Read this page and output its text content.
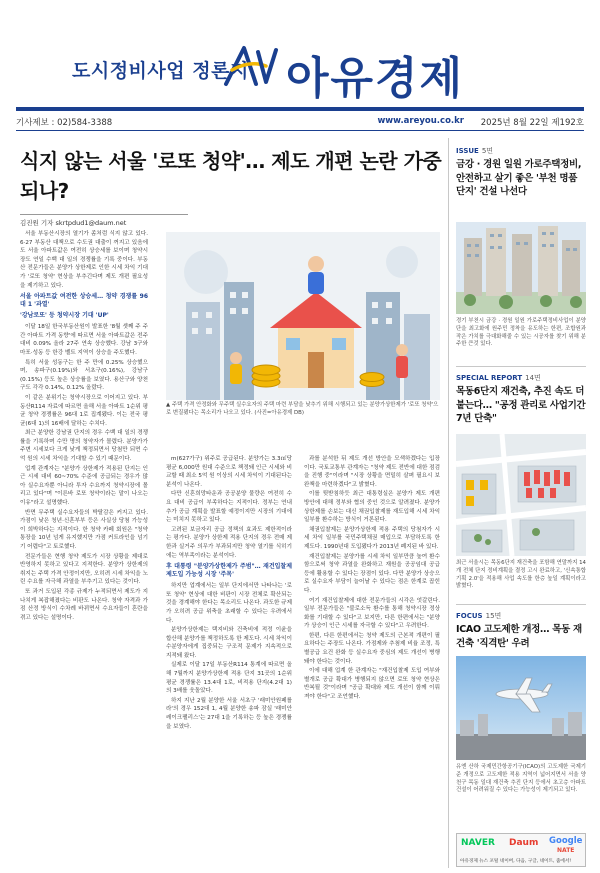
도시정비사업 정론지 아유경제
기사제보 : 02)584-3388	www.areyou.co.kr 2025년 8월 22일 제192호
식지 않는 서울 '로또 청약'… 제도 개편 논란 가중되나?
김진원 기자 skrtpdud1@daum.net

서울 부동산시장의 열기가 좀처럼 식지 않고 있다. 6·27 부동산 대책으로 수도권 대출이 꺼지고 있음에도 서울 아파트값은 여전히 상승세를 보이며 청약시장도 연일 수백 대 일의 경쟁률을 기록 중이다. 부동산 전문가들은 분양가 상한제로 인한 시세 차익 기대가 '로또 청약' 현상을 부추긴다며 제도 개편 필요성을 제기하고 있다.

서울 아파트값 여전한 상승세… 청약 경쟁률 96대 1 '과열'
'강남로또' 등 청약시장 기대 'UP'

이달 18일 한국부동산원이 발표한 '8월 셋째 주 주간 아파트 가격 동향'에 따르면 서울 아파트값은 전주 대비 0.09% 올라 27주 연속 상승했다. 강남 3구와 마포·성동 등 한강 벨트 지역이 상승을 주도했다.

특히 서울 성동구는 한 주 만에 0.25% 상승했으며, 송파구(0.19%)와 서초구(0.16%), 강남구(0.15%) 등도 높은 상승률을 보였다. 용산구와 양천구도 각각 0.14%, 0.12% 올랐다.

이 같은 분위기는 청약시장으로 이어지고 있다. 부동산R114 자료에 따르면 올해 서울 아파트 1순위 평균 청약 경쟁률은 96대 1로 집계됐다. 이는 전국 평균(6대 1)의 16배에 달하는 수치다.

최근 분양한 강남권 단지의 경우 수백 대 일의 경쟁률을 기록하며 수만 명의 청약자가 몰렸다. 분양가가 주변 시세보다 크게 낮게 책정되면서 당첨만 되면 수억 원의 시세 차익을 기대할 수 있기 때문이다.

업계 관계자는 "분양가 상한제가 적용된 단지는 인근 시세 대비 60~70% 수준에 공급되는 경우가 많아 실수요자뿐 아니라 투자 수요까지 청약시장에 몰리고 있다"며 "이른바 로또 청약이라는 말이 나오는 이유"라고 설명했다.

반면 무주택 실수요자들의 박탈감은 커지고 있다. 가점이 낮은 청년·신혼부부 등은 사실상 당첨 가능성이 희박하다는 지적이다. 한 청약 카페 회원은 "청약 통장을 10년 넘게 유지했지만 가점 커트라인을 넘기기 어렵다"고 토로했다.

전문가들은 현행 청약 제도가 시장 상황을 제대로 반영하지 못하고 있다고 지적한다. 분양가 상한제의 취지는 주택 가격 안정이지만, 오히려 시세 차익을 노린 수요를 자극해 과열을 부추기고 있다는 것이다.

또 과거 도입된 각종 규제가 누적되면서 제도가 지나치게 복잡해졌다는 비판도 나온다. 청약 자격과 가점 산정 방식이 수차례 바뀌면서 수요자들이 혼란을 겪고 있다는 설명이다.

▲ 주택 가격 안정화와 무주택 실수요자의 주택 마련 부담을 낮추기 위해 시행되고 있는 분양가상한제가 '로또 청약'으로 변질됐다는 목소리가 나오고 있다. (사진=아유경제 DB)

m(627가구) 위주로 공급된다. 분양가는 3.3㎡당 평균 6,000만 원대 수준으로 책정돼 인근 시세와 비교할 때 최소 5억 원 이상의 시세 차익이 기대된다는 분석이 나온다.

다만 신혼희망타운과 공공분양 물량은 여전히 수요 대비 공급이 부족하다는 지적이다. 정부는 연내 추가 공급 계획을 발표할 예정이지만 시장의 기대에는 미치지 못하고 있다.

고려된 보금자리 공급 정책의 효과도 제한적이라는 평가다. 분양가 상한제 적용 단지의 경우 전매 제한과 실거주 의무가 부과되지만 청약 열기를 식히기에는 역부족이라는 분석이다.

후 대통령 "분양가상한제가 주범"… 재건입찰제 제도입 가능성 시장 '주목'

하지만 업계에서는 일부 단지에서만 나타나는 '로또 청약' 현상에 대한 비판이 시장 전체로 확산되는 것을 경계해야 한다는 목소리도 나온다. 과도한 규제가 오히려 공급 위축을 초래할 수 있다는 우려에서다.

분양가상한제는 택지비와 건축비에 적정 이윤을 합산해 분양가를 책정하도록 한 제도다. 시세 차익이 수분양자에게 집중되는 구조적 문제가 지속적으로 지적돼 왔다.

실제로 이달 17일 부동산R114 통계에 따르면 올해 7월까지 분양가상한제 적용 단지 31곳의 1순위 평균 경쟁률은 13.4대 1로, 비적용 단지(4.2대 1)의 3배를 웃돌았다.

하지 지난 2월 분양한 서울 서초구 '래미안원페를라'의 경우 152대 1, 4월 분양한 송파 잠실 '래미안레이크팰리스'는 27대 1을 기록하는 등 높은 경쟁률을 보였다.

과를 분석한 뒤 제도 개선 방안을 모색하겠다는 입장이다. 국토교통부 관계자는 "청약 제도 전반에 대한 점검을 진행 중"이라며 "시장 상황을 면밀히 살펴 필요시 보완책을 마련하겠다"고 밝혔다.

이를 뒷받침하듯 최근 대통령실은 분양가 제도 개편 방안에 대해 정부와 협의 중인 것으로 알려졌다. 분양가상한제를 손보는 대신 채권입찰제를 재도입해 시세 차익 일부를 환수하는 방식이 거론된다.

채권입찰제는 분양가상한제 적용 주택의 당첨자가 시세 차익 일부를 국민주택채권 매입으로 부담하도록 한 제도다. 1990년대 도입됐다가 2013년 폐지된 바 있다.

재건입찰제는 분양가를 시세 차익 일부만큼 높여 환수함으로써 청약 과열을 완화하고 재원을 공공임대 공급 등에 활용할 수 있다는 장점이 있다. 다만 분양가 상승으로 실수요자 부담이 늘어날 수 있다는 점은 한계로 꼽힌다.

여기 재건입찰제에 대한 전문가들의 시각은 엇갈린다. 일부 전문가들은 "불로소득 환수를 통해 청약시장 정상화를 기대할 수 있다"고 보지만, 다른 한편에서는 "분양가 상승이 인근 시세를 자극할 수 있다"고 우려한다.

한편, 다른 한편에서는 청약 제도의 근본적 개편이 필요하다는 주장도 나온다. 가점제와 추첨제 비율 조정, 특별공급 요건 완화 등 실수요자 중심의 제도 개선이 병행돼야 한다는 것이다.

이에 대해 업계 한 관계자는 "재건입찰제 도입 여부와 별개로 공급 확대가 병행되지 않으면 로또 청약 현상은 반복될 것"이라며 "공급 확대와 제도 개선이 함께 이뤄져야 한다"고 조언했다.

ISSUE 5면
금강 · 경원 일원 가로주택정비, 안전하고 살기 좋은 '부천 명품 단지' 건설 나선다
경기 부천시 금강 · 경원 일원 가로주택정비사업이 분양단을 최고화에 원주민 정착을 유도하는 한편, 조합원과 작은 가치를 극대화해줄 수 있는 시공자를 찾기 위해 분주한 큰것 있다.
SPECIAL REPORT 14면
목동6단지 재건축, 추진 속도 더 붙는다… "공정 관리로 사업기간 7년 단축"
최근 서울시는 목동6단지 재건축을 포함해 연말까지 14개 전체 단지 정비계획을 결정 고시 완료하고, '신속통합기획 2.0'을 적용해 사업 속도를 한층 높일 계획이라고 밝혔다.
FOCUS 15면
ICAO 고도제한 개정… 목동 재건축 '직격탄' 우려
유엔 산하 국제민간항공기구(ICAO)의 고도제한 국제기준 개정으로 고도제한 적용 지역이 넓어지면서 서울 양천구 목동 일대 재건축 추진 단지 등에서 초고층 아파트 건설이 어려워질 수 있다는 가능성이 제기되고 있다.
NAVER Daum Google
NATE
아유경제 뉴스 포털 네이버, 다음, 구글, 네이트, 줌에서!
